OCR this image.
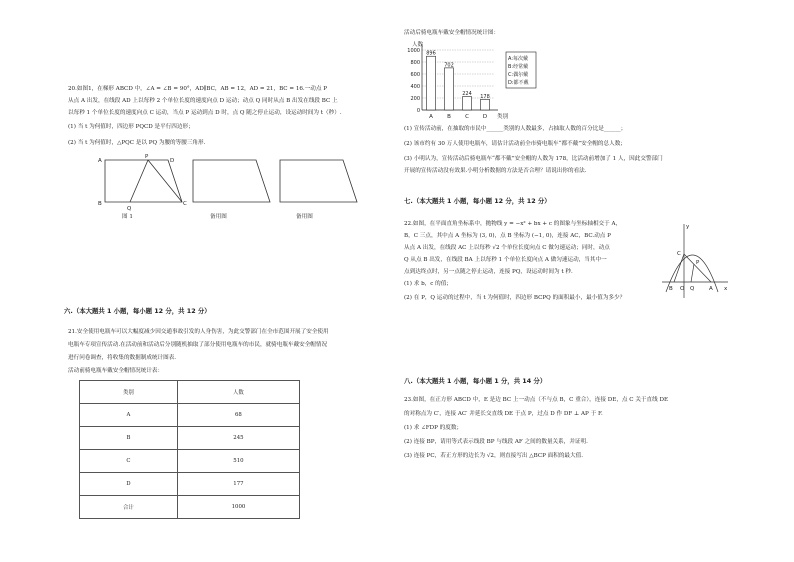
20.如图1，在梯形 ABCD 中，∠A = ∠B = 90°，AD∥BC，AB = 12，AD = 21，BC = 16.一动点 P
从点 A 出发，在线段 AD 上以每秒 2 个单位长度的速度向点 D 运动；动点 Q 同时从点 B 出发在线段 BC 上
以每秒 1 个单位长度的速度向点 C 运动，当点 P 运动到点 D 时，点 Q 随之停止运动，设运动时间为 t（秒）.
(1) 当 t 为何值时，四边形 PQCD 是平行四边形；
(2) 当 t 为何值时，△PQC 是以 PQ 为腰的等腰三角形.
A
P
D
B
Q
C
图 1	备用图	备用图
六.（本大题共 1 小题，每小题 12 分，共 12 分）
21.安全使用电瓶车可以大幅度减少因交通事故引发的人身伤害，为此交警部门在全市范围开展了安全使用
电瓶车专项宣传活动.在活动前和活动后分别随机抽取了部分使用电瓶车的市民，就骑电瓶车戴安全帽情况
进行问卷调查，将收集的数据制成统计图表.
活动前骑电瓶车戴安全帽情况统计表：
类别	人数
A	68
B	245
C	510
D	177
合计	1000
活动后骑电瓶车戴安全帽情况统计图：
0
200
400
600
800
1000
人数
类别
896
A
702
B
224
C
178
D
A:每次戴
B:经常戴
C:偶尔戴
D:都不戴
(1) 宣传活动前，在抽取的市民中______类别的人数最多，占抽取人数的百分比是______；
(2) 该市约有 30 万人使用电瓶车，请估计活动前全市骑电瓶车“都不戴”安全帽的总人数；
(3) 小明认为，宣传活动后骑电瓶车“都不戴”安全帽的人数为 178，比活动前增加了 1 人，因此交警部门
开展的宣传活动没有效果.小明分析数据的方法是否合理？请说出你的看法.
七.（本大题共 1 小题，每小题 12 分，共 12 分）
22.如图，在平面直角坐标系中，抛物线 y = −x² + bx + c 的图象与坐标轴相交于 A，
B，C 三点，其中点 A 坐标为 (3, 0)，点 B 坐标为 (−1, 0)，连接 AC，BC.动点 P
从点 A 出发，在线段 AC 上以每秒 √2 个单位长度向点 C 做匀速运动；同时，动点
Q 从点 B 出发，在线段 BA 上以每秒 1 个单位长度向点 A 做匀速运动，当其中一
点到达终点时，另一点随之停止运动，连接 PQ，设运动时间为 t 秒.
(1) 求 b，c 的值；
(2) 在 P，Q 运动的过程中，当 t 为何值时，四边形 BCPQ 的面积最小，最小值为多少？
y
x
C
P
B O Q	A
八.（本大题共 1 小题，每小题 1 分，共 14 分）
23.如图，在正方形 ABCD 中，E 是边 BC 上一动点（不与点 B，C 重合），连接 DE，点 C 关于直线 DE
的对称点为 C′，连接 AC′ 并延长交直线 DE 于点 P，过点 D 作 DF ⊥ AP 于 F.
(1) 求 ∠FDP 的度数；
(2) 连接 BP，请用等式表示线段 BP 与线段 AF 之间的数量关系，并证明.
(3) 连接 PC，若正方形的边长为 √2，则直接写出 △BCP 面积的最大值.
